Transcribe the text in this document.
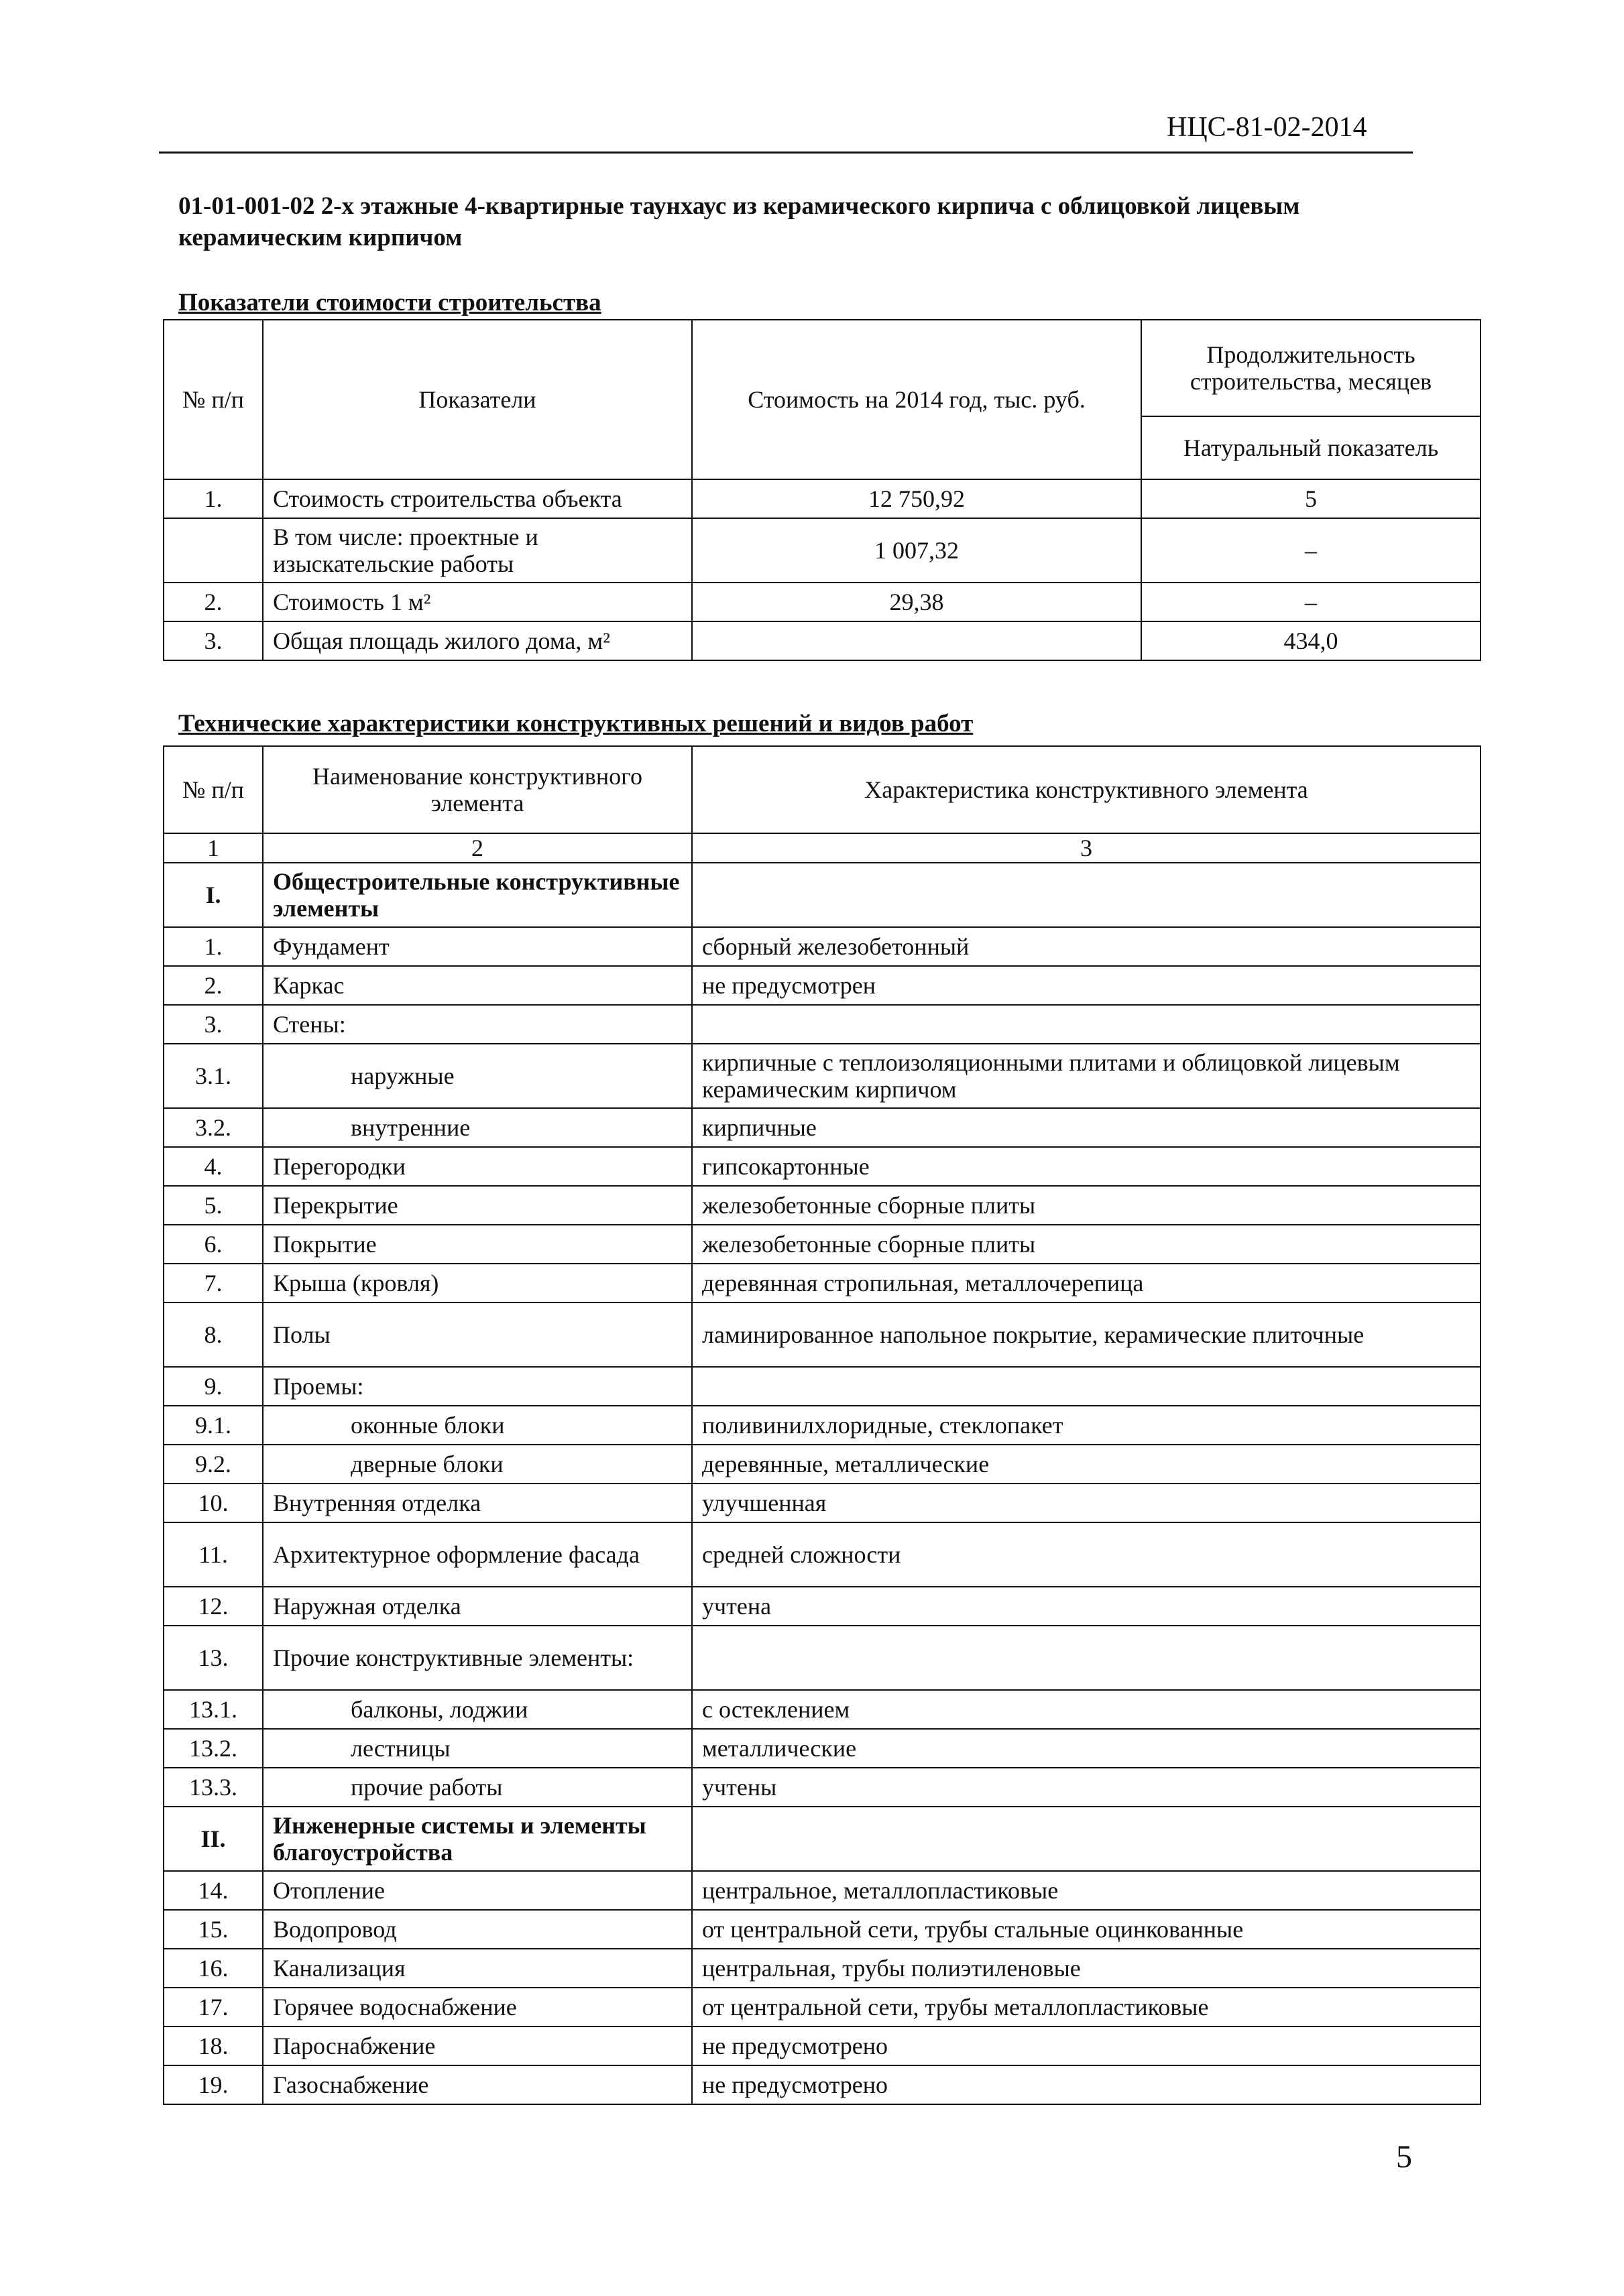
НЦС-81-02-2014
01-01-001-02 2-х этажные 4-квартирные таунхаус из керамического кирпича с облицовкой лицевым керамическим кирпичом
Показатели стоимости строительства
№ п/п	Показатели	Стоимость на 2014 год, тыс. руб.	Продолжительность строительства, месяцев
			Натуральный показатель
1.	Стоимость строительства объекта	12 750,92	5
	В том числе: проектные и изыскательские работы	1 007,32	–
2.	Стоимость 1 м²	29,38	–
3.	Общая площадь жилого дома, м²		434,0
Технические характеристики конструктивных решений и видов работ
№ п/п	Наименование конструктивного элемента	Характеристика конструктивного элемента
1	2	3
I.	Общестроительные конструктивные элементы	
1.	Фундамент	сборный железобетонный
2.	Каркас	не предусмотрен
3.	Стены:	
3.1.	наружные	кирпичные с теплоизоляционными плитами и облицовкой лицевым керамическим кирпичом
3.2.	внутренние	кирпичные
4.	Перегородки	гипсокартонные
5.	Перекрытие	железобетонные сборные плиты
6.	Покрытие	железобетонные сборные плиты
7.	Крыша (кровля)	деревянная стропильная, металлочерепица
8.	Полы	ламинированное напольное покрытие, керамические плиточные
9.	Проемы:	
9.1.	оконные блоки	поливинилхлоридные, стеклопакет
9.2.	дверные блоки	деревянные, металлические
10.	Внутренняя отделка	улучшенная
11.	Архитектурное оформление фасада	средней сложности
12.	Наружная отделка	учтена
13.	Прочие конструктивные элементы:	
13.1.	балконы, лоджии	с остеклением
13.2.	лестницы	металлические
13.3.	прочие работы	учтены
II.	Инженерные системы и элементы благоустройства	
14.	Отопление	центральное, металлопластиковые
15.	Водопровод	от центральной сети, трубы стальные оцинкованные
16.	Канализация	центральная, трубы полиэтиленовые
17.	Горячее водоснабжение	от центральной сети, трубы металлопластиковые
18.	Пароснабжение	не предусмотрено
19.	Газоснабжение	не предусмотрено
5
